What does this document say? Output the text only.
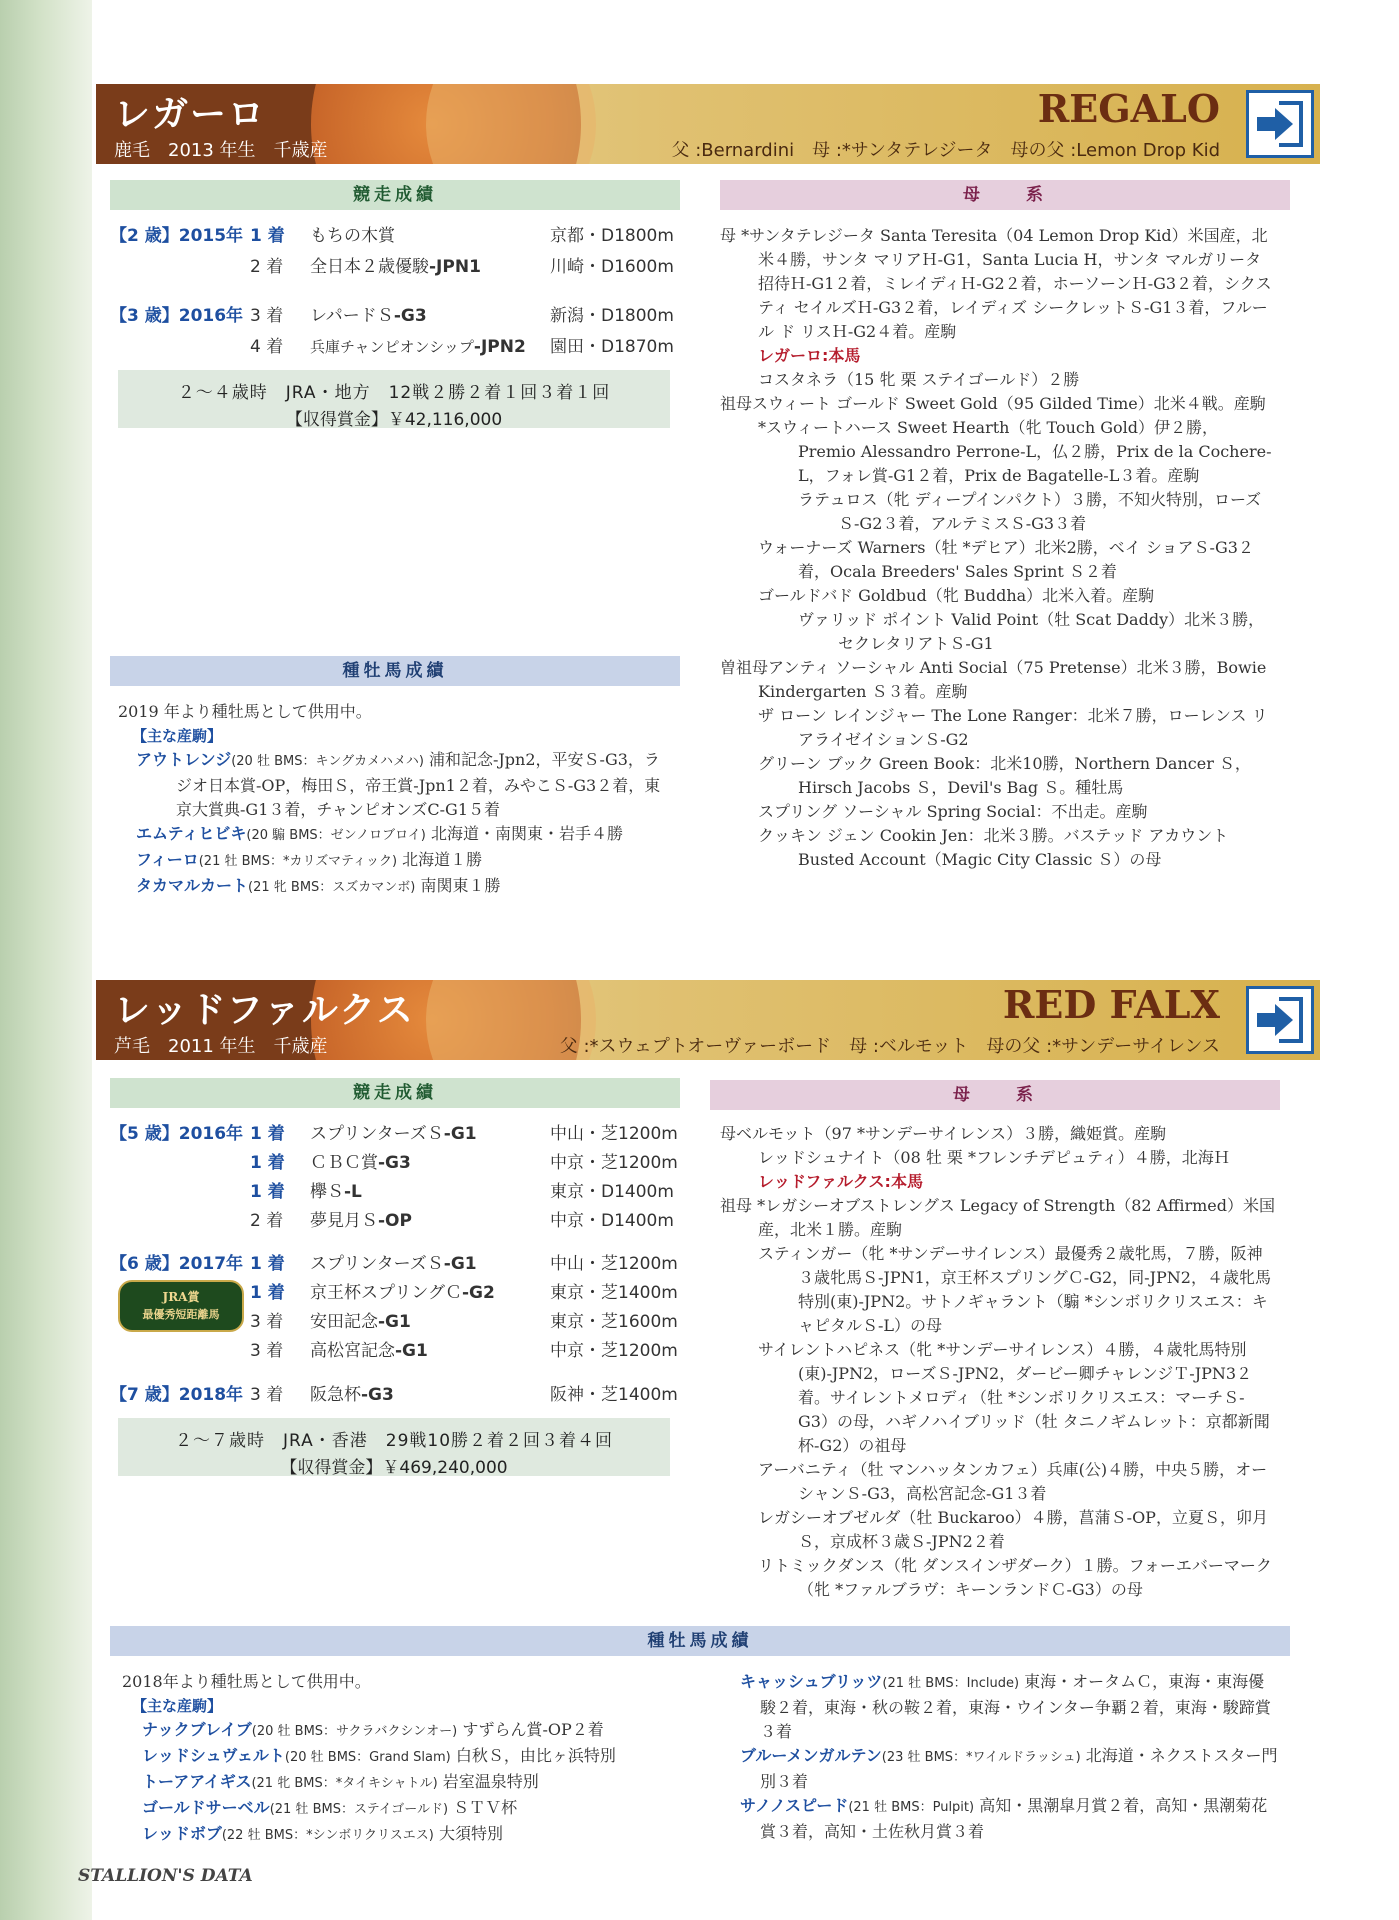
レガーロ
鹿毛　2013 年生　千歳産
REGALO
父 :Bernardini　母 :*サンタテレジータ　母の父 :Lemon Drop Kid
競走成績	母　　系
【2 歳】2015年 1 着 もちの木賞	京都・D1800m
2 着 全日本２歳優駿-JPN1	川崎・D1600m
【3 歳】2016年 3 着 レパードＳ-G3	新潟・D1800m
4 着 兵庫チャンピオンシップ-JPN2 園田・D1870m
２～４歳時　JRA・地方　12戦２勝２着１回３着１回
【収得賞金】￥42,116,000

母 *サンタテレジータ Santa Teresita（04 Lemon Drop Kid）米国産，北米４勝，サンタ マリアＨ-G1，Santa Lucia H，サンタ マルガリータ招待Ｈ-G1２着，ミレイディＨ-G2２着，ホーソーンＨ-G3２着，シクスティ セイルズＨ-G3２着，レイディズ シークレットＳ-G1３着，フルール ド リスＨ-G2４着。産駒

レガーロ:本馬

コスタネラ（15 牝 栗 ステイゴールド）２勝

祖母スウィート ゴールド Sweet Gold（95 Gilded Time）北米４戦。産駒

*スウィートハース Sweet Hearth（牝 Touch Gold）伊２勝，Premio Alessandro Perrone-L，仏２勝，Prix de la Cochere-L，フォレ賞-G1２着，Prix de Bagatelle-L３着。産駒

ラテュロス（牝 ディープインパクト）３勝，不知火特別，ローズＳ-G2３着，アルテミスＳ-G3３着

ウォーナーズ Warners（牡 *デヒア）北米2勝，ベイ ショアＳ-G3２着，Ocala Breeders' Sales Sprint Ｓ２着

ゴールドバド Goldbud（牝 Buddha）北米入着。産駒

ヴァリッド ポイント Valid Point（牡 Scat Daddy）北米３勝，セクレタリアトＳ-G1

曽祖母アンティ ソーシャル Anti Social（75 Pretense）北米３勝，Bowie Kindergarten Ｓ３着。産駒

ザ ローン レインジャー The Lone Ranger：北米７勝，ローレンス リアライゼイションＳ-G2

グリーン ブック Green Book：北米10勝，Northern Dancer Ｓ，Hirsch Jacobs Ｓ，Devil's Bag Ｓ。種牡馬

スプリング ソーシャル Spring Social：不出走。産駒

クッキン ジェン Cookin Jen：北米３勝。バステッド アカウント Busted Account（Magic City Classic Ｓ）の母

種牡馬成績

2019 年より種牡馬として供用中。

【主な産駒】

アウトレンジ(20 牡 BMS：キングカメハメハ) 浦和記念-Jpn2，平安Ｓ-G3，ラジオ日本賞-OP，梅田Ｓ，帝王賞-Jpn1２着，みやこＳ-G3２着，東京大賞典-G1３着，チャンピオンズC-G1５着

エムティヒビキ(20 騸 BMS：ゼンノロブロイ) 北海道・南関東・岩手４勝

フィーロ(21 牡 BMS：*カリズマティック) 北海道１勝

タカマルカート(21 牝 BMS：スズカマンボ) 南関東１勝

レッドファルクス
芦毛　2011 年生　千歳産
RED FALX
父 :*スウェプトオーヴァーボード　母 :ベルモット　母の父 :*サンデーサイレンス
競走成績	母　　系
【5 歳】2016年 1 着 スプリンターズＳ-G1	中山・芝1200m
1 着 ＣＢＣ賞-G3	中京・芝1200m
1 着 欅Ｓ-L	東京・D1400m
2 着 夢見月Ｓ-OP	中京・D1400m
【6 歳】2017年 1 着 スプリンターズＳ-G1	中山・芝1200m
1 着 京王杯スプリングＣ-G2	東京・芝1400m
3 着 安田記念-G1	東京・芝1600m
3 着 高松宮記念-G1	中京・芝1200m
【7 歳】2018年 3 着 阪急杯-G3	阪神・芝1400m
JRA賞
最優秀短距離馬
２～７歳時　JRA・香港　29戦10勝２着２回３着４回
【収得賞金】￥469,240,000

母ベルモット（97 *サンデーサイレンス）３勝，織姫賞。産駒

レッドシュナイト（08 牡 栗 *フレンチデピュティ）４勝，北海Ｈ

レッドファルクス:本馬

祖母 *レガシーオブストレングス Legacy of Strength（82 Affirmed）米国産，北米１勝。産駒

スティンガー（牝 *サンデーサイレンス）最優秀２歳牝馬，７勝，阪神３歳牝馬Ｓ-JPN1，京王杯スプリングＣ-G2，同-JPN2，４歳牝馬特別(東)-JPN2。サトノギャラント（騸 *シンボリクリスエス：キャピタルＳ-L）の母

サイレントハピネス（牝 *サンデーサイレンス）４勝，４歳牝馬特別(東)-JPN2，ローズＳ-JPN2，ダービー卿チャレンジＴ-JPN3２着。サイレントメロディ（牡 *シンボリクリスエス：マーチＳ-G3）の母，ハギノハイブリッド（牡 タニノギムレット：京都新聞杯-G2）の祖母

アーバニティ（牡 マンハッタンカフェ）兵庫(公)４勝，中央５勝，オーシャンＳ-G3，高松宮記念-G1３着

レガシーオブゼルダ（牡 Buckaroo）４勝，菖蒲Ｓ-OP，立夏Ｓ，卯月Ｓ，京成杯３歳Ｓ-JPN2２着

リトミックダンス（牝 ダンスインザダーク）１勝。フォーエバーマーク（牝 *ファルブラヴ：キーンランドＣ-G3）の母

種牡馬成績

2018年より種牡馬として供用中。

【主な産駒】

ナックブレイブ(20 牡 BMS：サクラバクシンオー) すずらん賞-OP２着

レッドシュヴェルト(20 牡 BMS：Grand Slam) 白秋Ｓ，由比ヶ浜特別

トーアアイギス(21 牝 BMS：*タイキシャトル) 岩室温泉特別

ゴールドサーベル(21 牡 BMS：ステイゴールド) ＳＴＶ杯

レッドボブ(22 牡 BMS：*シンボリクリスエス) 大須特別

キャッシュブリッツ(21 牡 BMS：Include) 東海・オータムＣ，東海・東海優駿２着，東海・秋の鞍２着，東海・ウインター争覇２着，東海・駿蹄賞３着

ブルーメンガルテン(23 牡 BMS：*ワイルドラッシュ) 北海道・ネクストスター門別３着

サノノスピード(21 牡 BMS：Pulpit) 高知・黒潮皐月賞２着，高知・黒潮菊花賞３着，高知・土佐秋月賞３着

STALLION'S DATA
